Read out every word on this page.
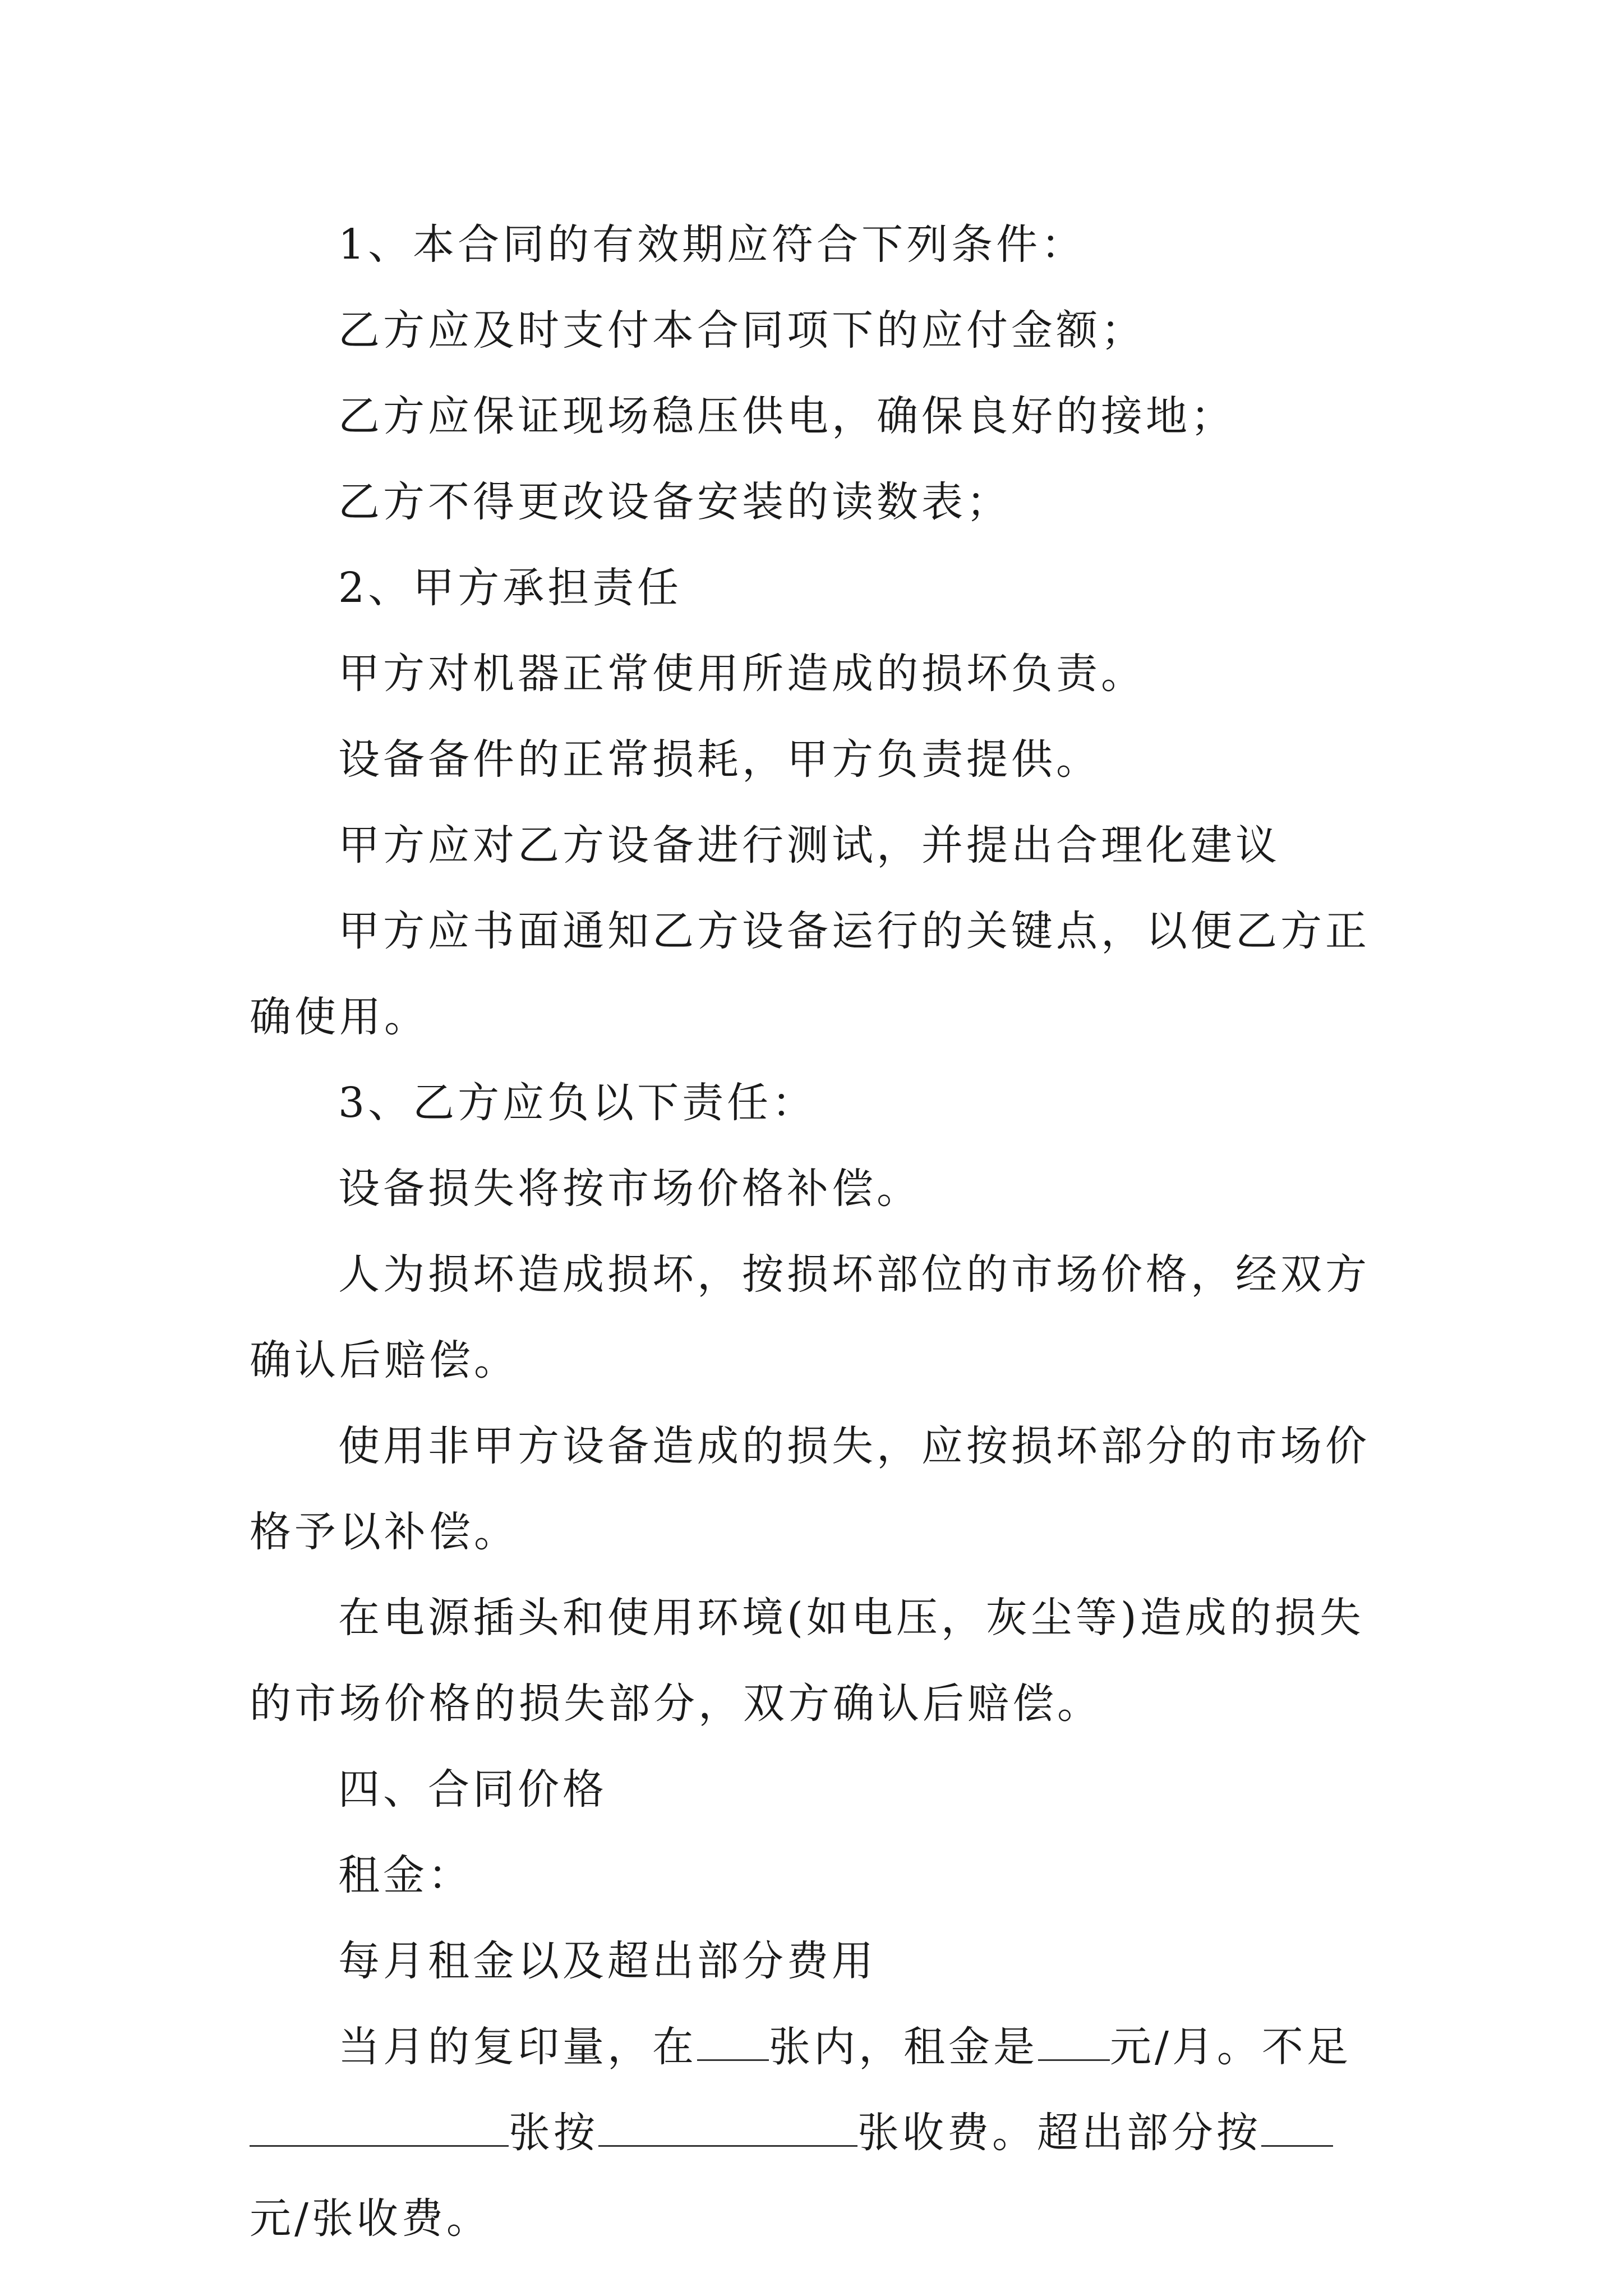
1、本合同的有效期应符合下列条件：

乙方应及时支付本合同项下的应付金额；

乙方应保证现场稳压供电，确保良好的接地；

乙方不得更改设备安装的读数表；

2、甲方承担责任

甲方对机器正常使用所造成的损坏负责。

设备备件的正常损耗，甲方负责提供。

甲方应对乙方设备进行测试，并提出合理化建议

甲方应书面通知乙方设备运行的关键点，以便乙方正确使用。

3、乙方应负以下责任：

设备损失将按市场价格补偿。

人为损坏造成损坏，按损坏部位的市场价格，经双方确认后赔偿。

使用非甲方设备造成的损失，应按损坏部分的市场价格予以补偿。

在电源插头和使用环境(如电压，灰尘等)造成的损失的市场价格的损失部分，双方确认后赔偿。

四、合同价格

租金：

每月租金以及超出部分费用

当月的复印量，在 张内，租金是 元/月。不足张按	张收费。超出部分按元/张收费。
